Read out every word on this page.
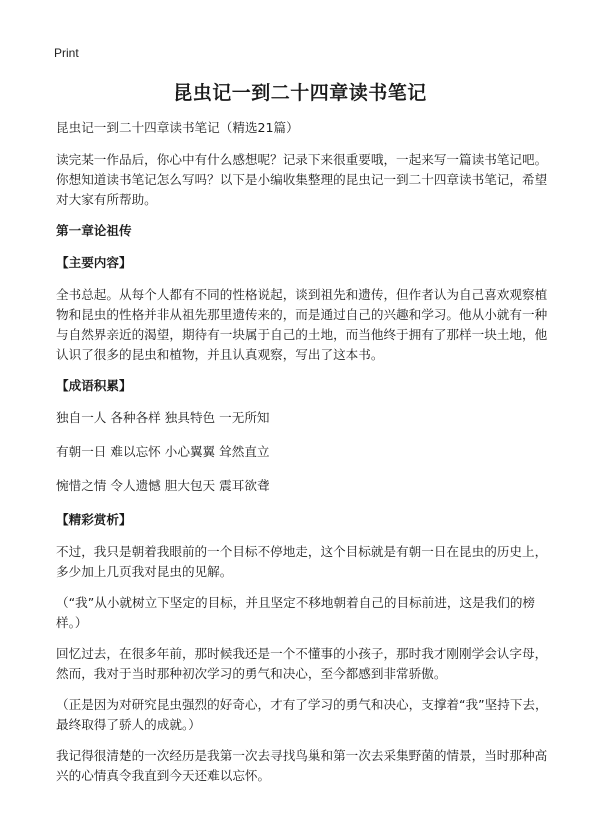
Print
昆虫记一到二十四章读书笔记

昆虫记一到二十四章读书笔记（精选21篇）

读完某一作品后，你心中有什么感想呢？记录下来很重要哦，一起来写一篇读书笔记吧。你想知道读书笔记怎么写吗？以下是小编收集整理的昆虫记一到二十四章读书笔记，希望对大家有所帮助。

第一章论祖传

【主要内容】

全书总起。从每个人都有不同的性格说起，谈到祖先和遗传，但作者认为自己喜欢观察植物和昆虫的性格并非从祖先那里遗传来的，而是通过自己的兴趣和学习。他从小就有一种与自然界亲近的渴望，期待有一块属于自己的土地，而当他终于拥有了那样一块土地，他认识了很多的昆虫和植物，并且认真观察，写出了这本书。

【成语积累】

独自一人 各种各样 独具特色 一无所知

有朝一日 难以忘怀 小心翼翼 耸然直立

惋惜之情 令人遗憾 胆大包天 震耳欲聋

【精彩赏析】

不过，我只是朝着我眼前的一个目标不停地走，这个目标就是有朝一日在昆虫的历史上，多少加上几页我对昆虫的见解。

（“我”从小就树立下坚定的目标，并且坚定不移地朝着自己的目标前进，这是我们的榜样。）

回忆过去，在很多年前，那时候我还是一个不懂事的小孩子，那时我才刚刚学会认字母，然而，我对于当时那种初次学习的勇气和决心，至今都感到非常骄傲。

（正是因为对研究昆虫强烈的好奇心，才有了学习的勇气和决心，支撑着“我”坚持下去，最终取得了骄人的成就。）

我记得很清楚的一次经历是我第一次去寻找鸟巢和第一次去采集野菌的情景，当时那种高兴的心情真令我直到今天还难以忘怀。
